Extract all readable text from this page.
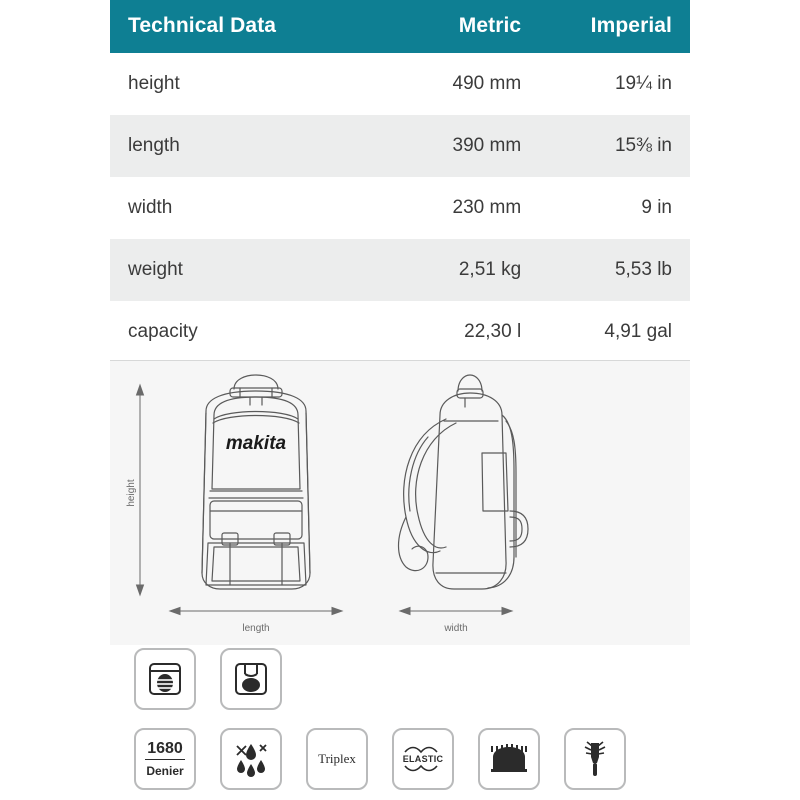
Technical Data	Metric	Imperial
height	490 mm	19¼ in
length	390 mm	15⅜ in
width	230 mm	9 in
weight	2,51 kg	5,53 lb
capacity	22,30 l	4,91 gal
makita
height
length	width
1680
Denier
Triplex	ELASTIC
